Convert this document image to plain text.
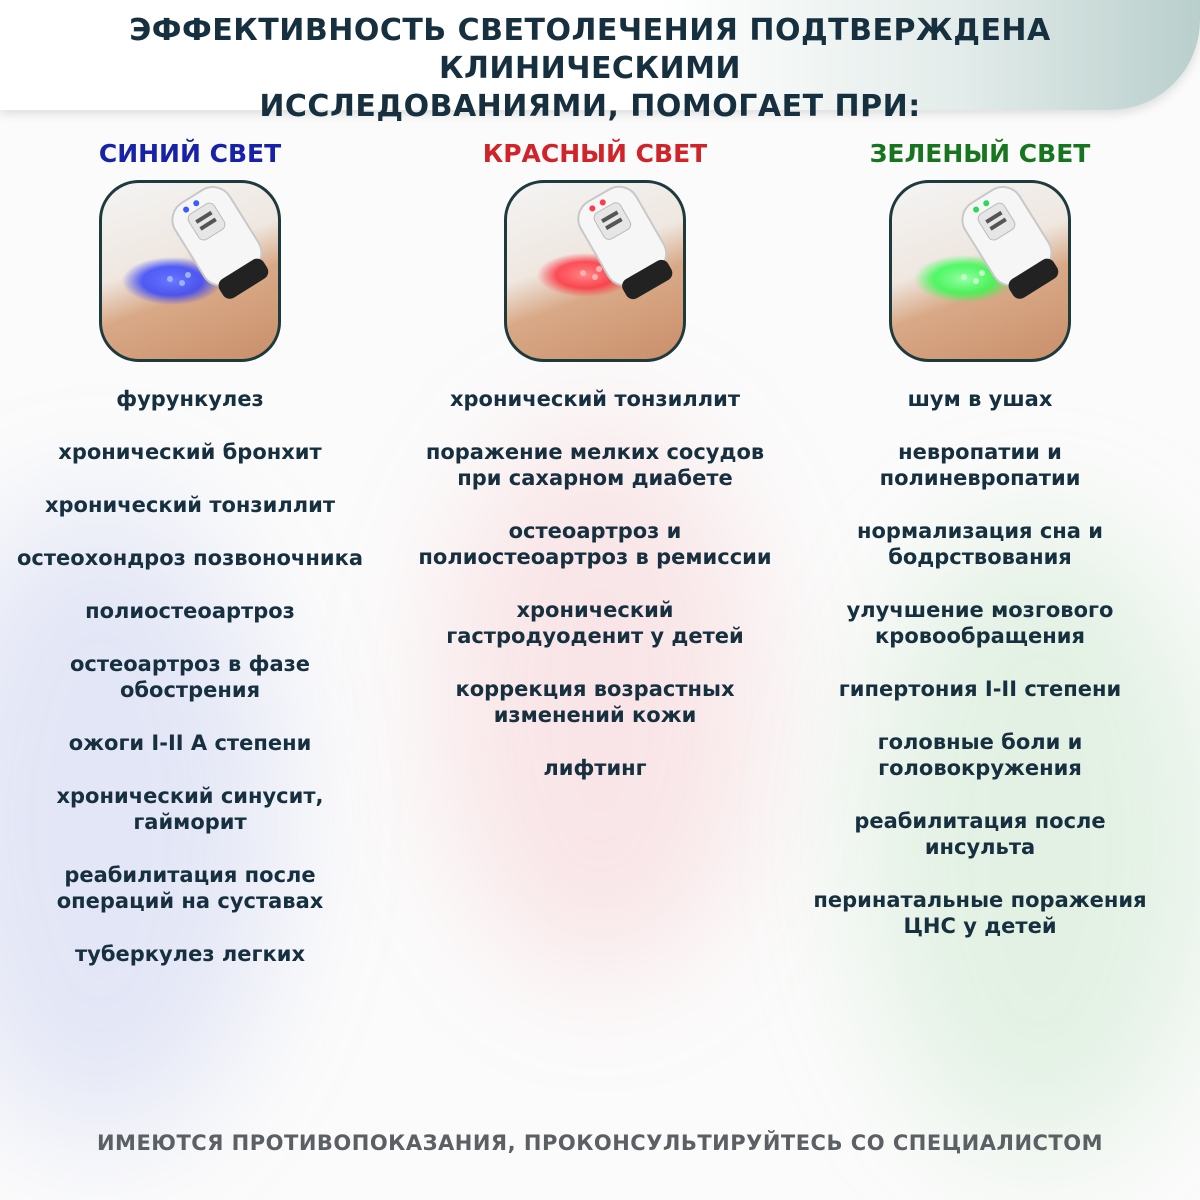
ЭФФЕКТИВНОСТЬ СВЕТОЛЕЧЕНИЯ ПОДТВЕРЖДЕНА КЛИНИЧЕСКИМИ
ИССЛЕДОВАНИЯМИ, ПОМОГАЕТ ПРИ:
СИНИЙ СВЕТ
фурункулез
хронический бронхит
хронический тонзиллит
остеохондроз позвоночника
полиостеоартроз
остеоартроз в фазе обострения
ожоги I-II А степени
хронический синусит, гайморит
реабилитация после операций на суставах
туберкулез легких
КРАСНЫЙ СВЕТ
хронический тонзиллит
поражение мелких сосудов при сахарном диабете
остеоартроз и полиостеоартроз в ремиссии
хронический гастродуоденит у детей
коррекция возрастных изменений кожи
лифтинг
ЗЕЛЕНЫЙ СВЕТ
шум в ушах
невропатии и полиневропатии
нормализация сна и бодрствования
улучшение мозгового кровообращения
гипертония I-II степени
головные боли и головокружения
реабилитация после инсульта
перинатальные поражения ЦНС у детей
ИМЕЮТСЯ ПРОТИВОПОКАЗАНИЯ, ПРОКОНСУЛЬТИРУЙТЕСЬ СО СПЕЦИАЛИСТОМ
